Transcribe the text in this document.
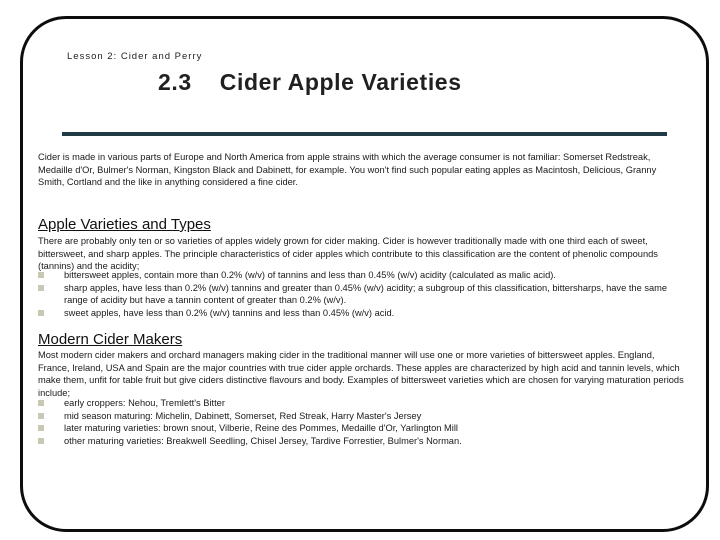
Lesson 2: Cider and Perry
2.3 Cider Apple Varieties

Cider is made in various parts of Europe and North America from apple strains with which the average consumer is not familiar: Somerset Redstreak, Medaille d'Or, Bulmer's Norman, Kingston Black and Dabinett, for example. You won't find such popular eating apples as Macintosh, Delicious, Granny Smith, Cortland and the like in anything considered a fine cider.

Apple Varieties and Types

There are probably only ten or so varieties of apples widely grown for cider making. Cider is however traditionally made with one third each of sweet, bittersweet, and sharp apples. The principle characteristics of cider apples which contribute to this classification are the content of phenolic compounds (tannins) and the acidity;

bittersweet apples, contain more than 0.2% (w/v) of tannins and less than 0.45% (w/v) acidity (calculated as malic acid).
sharp apples, have less than 0.2% (w/v) tannins and greater than 0.45% (w/v) acidity; a subgroup of this classification, bittersharps, have the same range of acidity but have a tannin content of greater than 0.2% (w/v).
sweet apples, have less than 0.2% (w/v) tannins and less than 0.45% (w/v) acid.
Modern Cider Makers

Most modern cider makers and orchard managers making cider in the traditional manner will use one or more varieties of bittersweet apples. England, France, Ireland, USA and Spain are the major countries with true cider apple orchards. These apples are characterized by high acid and tannin levels, which make them, unfit for table fruit but give ciders distinctive flavours and body. Examples of bittersweet varieties which are chosen for varying maturation periods include;

early croppers: Nehou, Tremlett's Bitter
mid season maturing: Michelin, Dabinett, Somerset, Red Streak, Harry Master's Jersey
later maturing varieties: brown snout, Vilberie, Reine des Pommes, Medaille d'Or, Yarlington Mill
other maturing varieties: Breakwell Seedling, Chisel Jersey, Tardive Forrestier, Bulmer's Norman.
